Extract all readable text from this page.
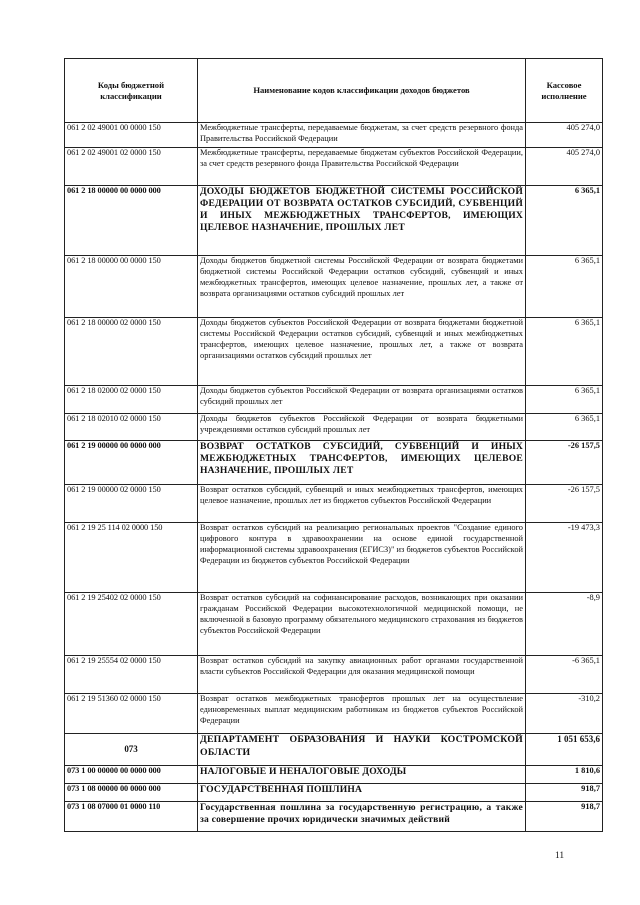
Коды бюджетной классификации	Наименование кодов классификации доходов бюджетов	Кассовое исполнение
061 2 02 49001 00 0000 150	Межбюджетные трансферты, передаваемые бюджетам, за счет средств резервного фонда Правительства Российской Федерации	405 274,0
061 2 02 49001 02 0000 150	Межбюджетные трансферты, передаваемые бюджетам субъектов Российской Федерации, за счет средств резервного фонда Правительства Российской Федерации	405 274,0
061 2 18 00000 00 0000 000	ДОХОДЫ БЮДЖЕТОВ БЮДЖЕТНОЙ СИСТЕМЫ РОССИЙСКОЙ ФЕДЕРАЦИИ ОТ ВОЗВРАТА ОСТАТКОВ СУБСИДИЙ, СУБВЕНЦИЙ И ИНЫХ МЕЖБЮДЖЕТНЫХ ТРАНСФЕРТОВ, ИМЕЮЩИХ ЦЕЛЕВОЕ НАЗНАЧЕНИЕ, ПРОШЛЫХ ЛЕТ	6 365,1
061 2 18 00000 00 0000 150	Доходы бюджетов бюджетной системы Российской Федерации от возврата бюджетами бюджетной системы Российской Федерации остатков субсидий, субвенций и иных межбюджетных трансфертов, имеющих целевое назначение, прошлых лет, а также от возврата организациями остатков субсидий прошлых лет	6 365,1
061 2 18 00000 02 0000 150	Доходы бюджетов субъектов Российской Федерации от возврата бюджетами бюджетной системы Российской Федерации остатков субсидий, субвенций и иных межбюджетных трансфертов, имеющих целевое назначение, прошлых лет, а также от возврата организациями остатков субсидий прошлых лет	6 365,1
061 2 18 02000 02 0000 150	Доходы бюджетов субъектов Российской Федерации от возврата организациями остатков субсидий прошлых лет	6 365,1
061 2 18 02010 02 0000 150	Доходы бюджетов субъектов Российской Федерации от возврата бюджетными учреждениями остатков субсидий прошлых лет	6 365,1
061 2 19 00000 00 0000 000	ВОЗВРАТ ОСТАТКОВ СУБСИДИЙ, СУБВЕНЦИЙ И ИНЫХ МЕЖБЮДЖЕТНЫХ ТРАНСФЕРТОВ, ИМЕЮЩИХ ЦЕЛЕВОЕ НАЗНАЧЕНИЕ, ПРОШЛЫХ ЛЕТ	-26 157,5
061 2 19 00000 02 0000 150	Возврат остатков субсидий, субвенций и иных межбюджетных трансфертов, имеющих целевое назначение, прошлых лет из бюджетов субъектов Российской Федерации	-26 157,5
061 2 19 25 114 02 0000 150	Возврат остатков субсидий на реализацию региональных проектов "Создание единого цифрового контура в здравоохранении на основе единой государственной информационной системы здравоохранения (ЕГИСЗ)" из бюджетов субъектов Российской Федерации из бюджетов субъектов Российской Федерации	-19 473,3
061 2 19 25402 02 0000 150	Возврат остатков субсидий на софинансирование расходов, возникающих при оказании гражданам Российской Федерации высокотехнологичной медицинской помощи, не включенной в базовую программу обязательного медицинского страхования из бюджетов субъектов Российской Федерации	-8,9
061 2 19 25554 02 0000 150	Возврат остатков субсидий на закупку авиационных работ органами государственной власти субъектов Российской Федерации для оказания медицинской помощи	-6 365,1
061 2 19 51360 02 0000 150	Возврат остатков межбюджетных трансфертов прошлых лет на осуществление единовременных выплат медицинским работникам из бюджетов субъектов Российской Федерации	-310,2
073	ДЕПАРТАМЕНТ ОБРАЗОВАНИЯ И НАУКИ КОСТРОМСКОЙ ОБЛАСТИ	1 051 653,6
073 1 00 00000 00 0000 000	НАЛОГОВЫЕ И НЕНАЛОГОВЫЕ ДОХОДЫ	1 810,6
073 1 08 00000 00 0000 000	ГОСУДАРСТВЕННАЯ ПОШЛИНА	918,7
073 1 08 07000 01 0000 110	Государственная пошлина за государственную регистрацию, а также за совершение прочих юридически значимых действий	918,7
11
